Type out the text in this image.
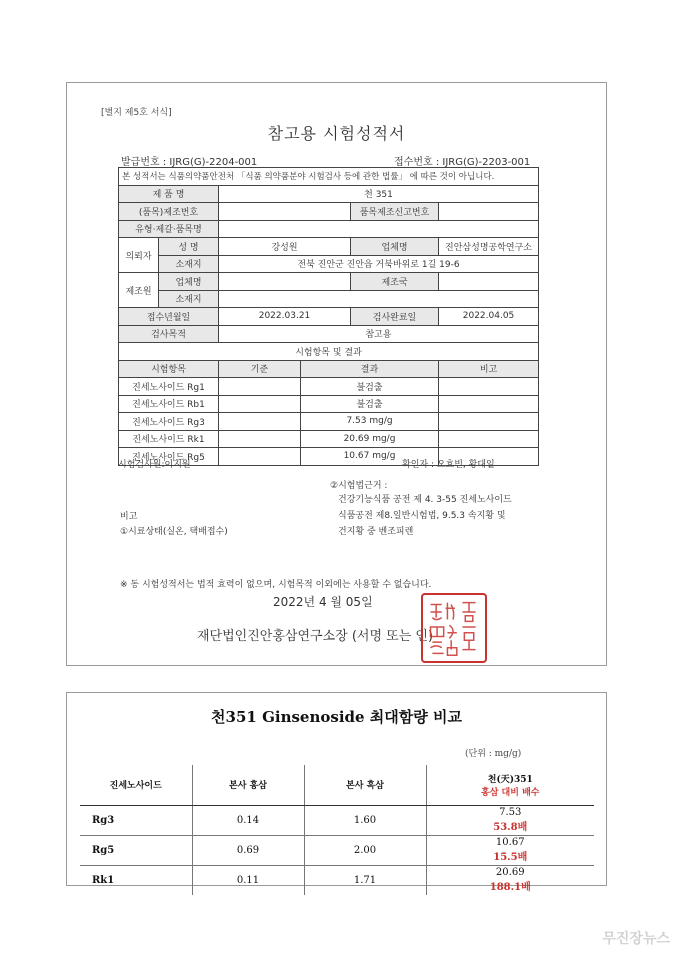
[별지 제5호 서식]
참고용 시험성적서
발급번호 : IJRG(G)-2204-001	접수번호 : IJRG(G)-2203-001
본 성적서는 식품의약품안전처 「식품 의약품분야 시험검사 등에 관한 법률」 에 따른 것이 아닙니다.					
제 품 명		천 351			
(품목)제조번호				품목제조신고번호	
유형·제갈·품목명					
의뢰자	성 명	강성원		업체명	진안삼성명공학연구소
	소재지	전북 진안군 진안읍 거북바위로 1길 19-6			
제조원	업체명			제조국	
	소재지				
접수년월일		2022.03.21		검사완료일	2022.04.05
검사목적		참고용			
시험항목 및 결과					
시험항목		기준	결과		비고
진세노사이드 Rg1			불검출		
진세노사이드 Rb1			불검출		
진세노사이드 Rg3			7.53 mg/g		
진세노사이드 Rk1			20.69 mg/g		
진세노사이드 Rg5			10.67 mg/g		
시험검사원:이지원	확인자 : 오효빈, 황대일
②시험법근거 :
건강기능식품 공전 제 4. 3-55 진세노사이드
식품공전 제8.일반시험법, 9.5.3 속지황 및
건지황 중 벤조피렌
비고
①시료상태(실온, 택배접수)
※ 동 시험성적서는 법적 효력이 없으며, 시험목적 이외에는 사용할 수 없습니다.
2022년 4 월 05일
재단법인진안홍삼연구소장 (서명 또는 인)
천351 Ginsenoside 최대함량 비교
(단위 : mg/g)
진세노사이드	본사 홍삼	본사 흑삼	천(天)351
홍삼 대비 배수

Rg3	0.14	1.60	7.53
53.8배

Rg5	0.69	2.00	10.67
15.5배

Rk1	0.11	1.71	20.69
188.1배
무진장뉴스
